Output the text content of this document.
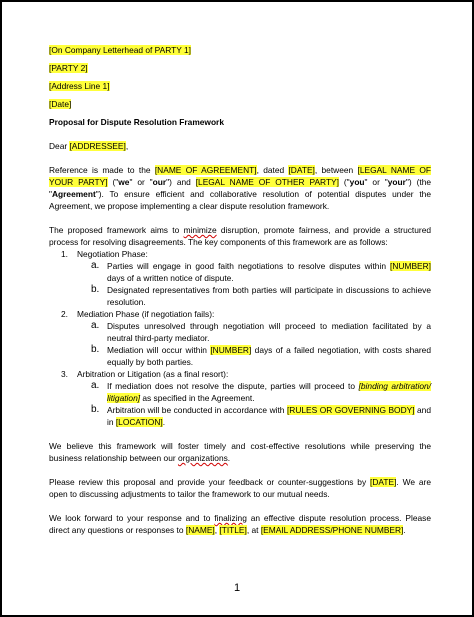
[On Company Letterhead of PARTY 1]
[PARTY 2]
[Address Line 1]
[Date]
Proposal for Dispute Resolution Framework
Dear [ADDRESSEE],

Reference is made to the [NAME OF AGREEMENT], dated [DATE], between [LEGAL NAME OF YOUR PARTY] ("we" or "our") and [LEGAL NAME OF OTHER PARTY] ("you" or "your") (the "Agreement"). To ensure efficient and collaborative resolution of potential disputes under the Agreement, we propose implementing a clear dispute resolution framework.

The proposed framework aims to minimize disruption, promote fairness, and provide a structured process for resolving disagreements. The key components of this framework are as follows:

1. Negotiation Phase:
a. Parties will engage in good faith negotiations to resolve disputes within [NUMBER] days of a written notice of dispute.
b. Designated representatives from both parties will participate in discussions to achieve resolution.
2. Mediation Phase (if negotiation fails):
a. Disputes unresolved through negotiation will proceed to mediation facilitated by a neutral third-party mediator.
b. Mediation will occur within [NUMBER] days of a failed negotiation, with costs shared equally by both parties.
3. Arbitration or Litigation (as a final resort):
a. If mediation does not resolve the dispute, parties will proceed to [binding arbitration/ litigation] as specified in the Agreement.
b. Arbitration will be conducted in accordance with [RULES OR GOVERNING BODY] and in [LOCATION].

We believe this framework will foster timely and cost-effective resolutions while preserving the business relationship between our organizations.

Please review this proposal and provide your feedback or counter-suggestions by [DATE]. We are open to discussing adjustments to tailor the framework to our mutual needs.

We look forward to your response and to finalizing an effective dispute resolution process. Please direct any questions or responses to [NAME], [TITLE], at [EMAIL ADDRESS/PHONE NUMBER].

1
